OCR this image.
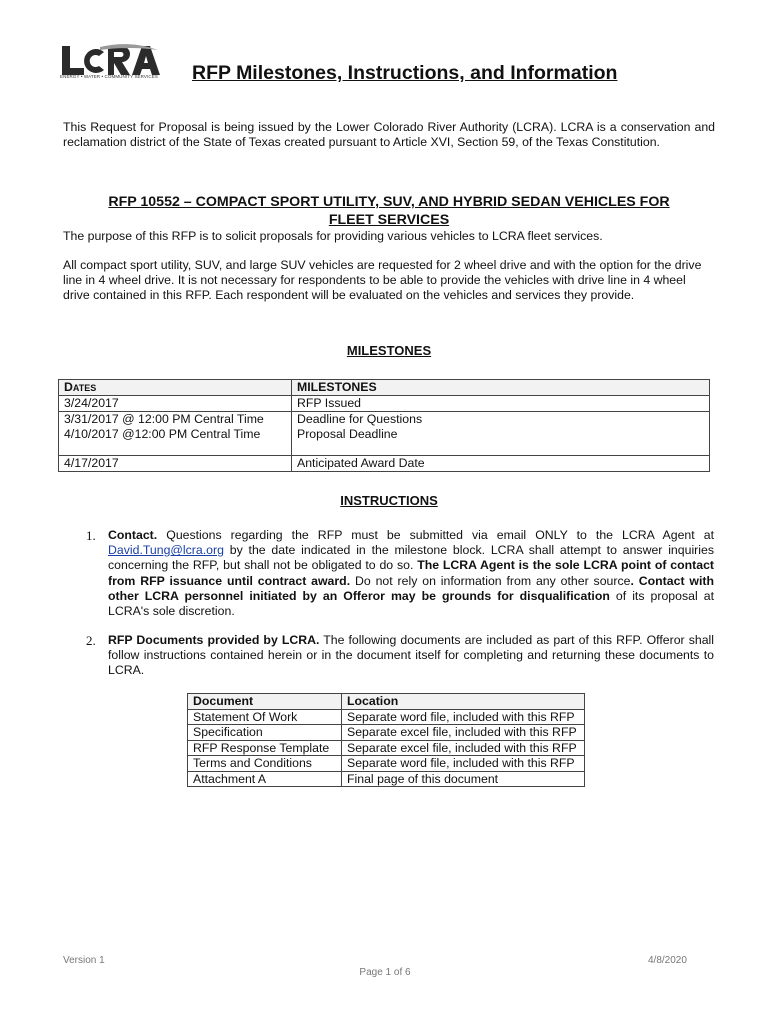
ENERGY • WATER • COMMUNITY SERVICES RFP Milestones, Instructions, and Information
This Request for Proposal is being issued by the Lower Colorado River Authority (LCRA). LCRA is a conservation and reclamation district of the State of Texas created pursuant to Article XVI, Section 59, of the Texas Constitution.
RFP 10552 – COMPACT SPORT UTILITY, SUV, AND HYBRID SEDAN VEHICLES FOR
FLEET SERVICES
The purpose of this RFP is to solicit proposals for providing various vehicles to LCRA fleet services.
All compact sport utility, SUV, and large SUV vehicles are requested for 2 wheel drive and with the option for the drive line in 4 wheel drive. It is not necessary for respondents to be able to provide the vehicles with drive line in 4 wheel drive contained in this RFP. Each respondent will be evaluated on the vehicles and services they provide.
MILESTONES
Dates	MILESTONES
3/24/2017	RFP Issued
3/31/2017 @ 12:00 PM Central Time	Deadline for Questions
4/10/2017 @12:00 PM Central Time	Proposal Deadline
4/17/2017	Anticipated Award Date
INSTRUCTIONS
1. Contact. Questions regarding the RFP must be submitted via email ONLY to the LCRA Agent at David.Tung@lcra.org by the date indicated in the milestone block. LCRA shall attempt to answer inquiries concerning the RFP, but shall not be obligated to do so. The LCRA Agent is the sole LCRA point of contact from RFP issuance until contract award. Do not rely on information from any other source. Contact with other LCRA personnel initiated by an Offeror may be grounds for disqualification of its proposal at LCRA's sole discretion.
2. RFP Documents provided by LCRA. The following documents are included as part of this RFP. Offeror shall follow instructions contained herein or in the document itself for completing and returning these documents to LCRA.
Document	Location
Statement Of Work	Separate word file, included with this RFP
Specification	Separate excel file, included with this RFP
RFP Response Template	Separate excel file, included with this RFP
Terms and Conditions	Separate word file, included with this RFP
Attachment A	Final page of this document
Version 1
Page 1 of 6
4/8/2020
